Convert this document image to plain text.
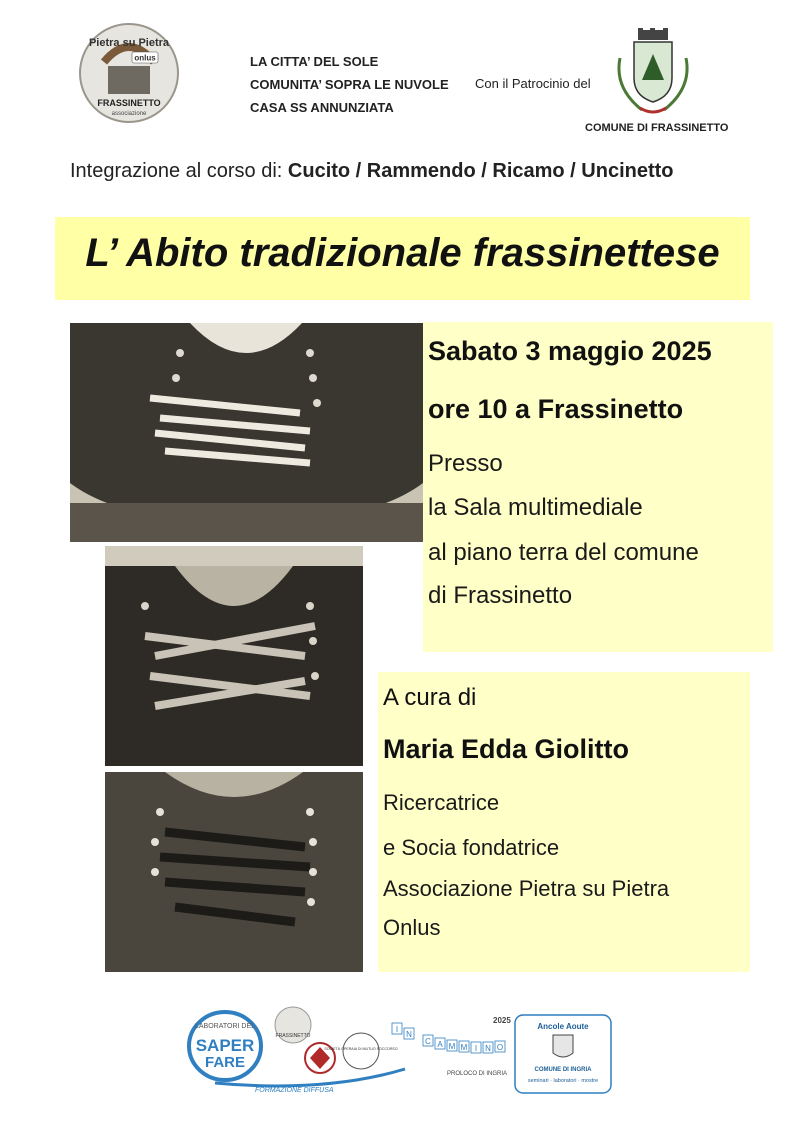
Pietra su Pietra
onlus
FRASSINETTO
associazione
LA CITTA’ DEL SOLE
COMUNITA’ SOPRA LE NUVOLE
CASA SS ANNUNZIATA
Con il Patrocinio del
COMUNE DI FRASSINETTO
Integrazione al corso di: Cucito / Rammendo / Ricamo / Uncinetto
L’ Abito tradizionale frassinettese
Sabato 3 maggio 2025
ore 10 a Frassinetto
Presso
la Sala multimediale
al piano terra del comune
di Frassinetto
A cura di
Maria Edda Giolitto
Ricercatrice
e Socia fondatrice
Associazione Pietra su Pietra
Onlus
LABORATORI DEL
SAPER
FARE
FORMAZIONE DIFFUSA
FRASSINETTO
SOCIETÀ OPERAIA DI MUTUO SOCCORSO
I
N
C A M M I N O
2025
PROLOCO DI INGRIA
Ancole Aoute
COMUNE DI INGRIA
seminari · laboratori · mostre
